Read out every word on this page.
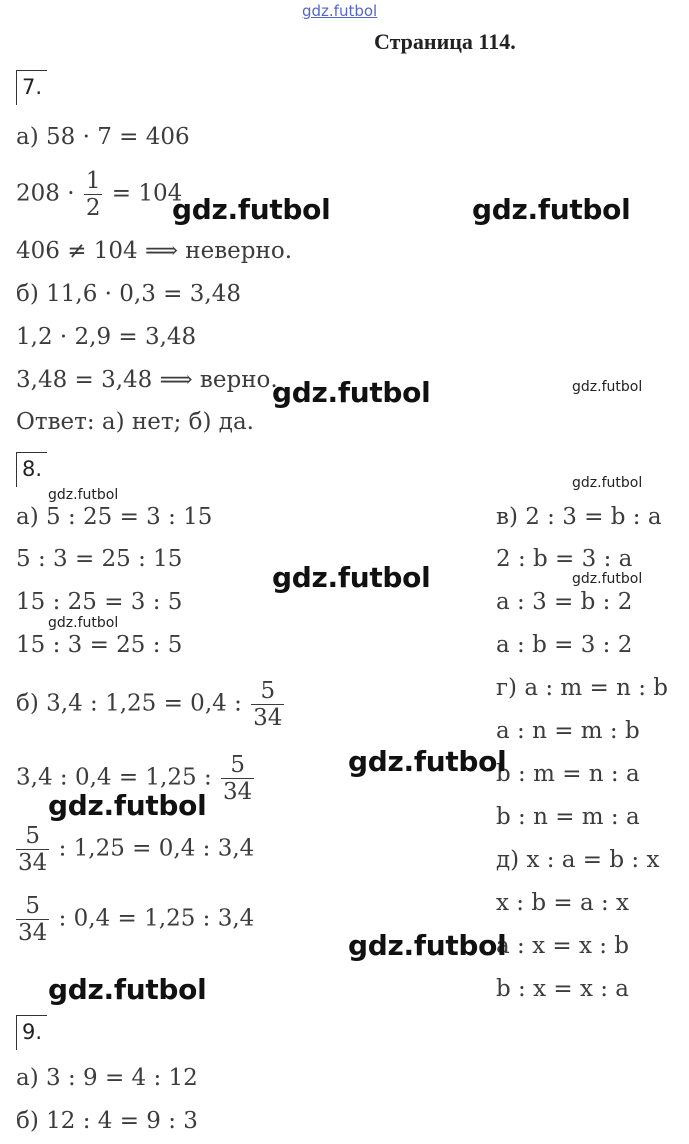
gdz.futbol
Страница 114.
7.
а) 58 · 7 = 406
$208 \cdot \frac{1}{2} = 104$
406 ≠ 104 ⟹ неверно.
б) 11,6 · 0,3 = 3,48
1,2 · 2,9 = 3,48
3,48 = 3,48 ⟹ верно.
Ответ: а) нет; б) да.
8.
а) 5 : 25 = 3 : 15
5 : 3 = 25 : 15
15 : 25 = 3 : 5
15 : 3 = 25 : 5
б) 3,4 : 1,25 = 0,4 : $\frac{5}{34}$
3,4 : 0,4 = 1,25 : $\frac{5}{34}$
$\frac{5}{34}$ : 1,25 = 0,4 : 3,4
$\frac{5}{34}$ : 0,4 = 1,25 : 3,4
в) 2 : 3 = b : a
2 : b = 3 : a
a : 3 = b : 2
a : b = 3 : 2
г) a : m = n : b
a : n = m : b
b : m = n : a
b : n = m : a
д) x : a = b : x
x : b = a : x
a : x = x : b
b : x = x : a
9.
а) 3 : 9 = 4 : 12
б) 12 : 4 = 9 : 3
gdz.futbol	gdz.futbol
gdz.futbol	gdz.futbol
gdz.futbol
gdz.futbol
gdz.futbol	gdz.futbol
gdz.futbol
gdz.futbol
gdz.futbol
gdz.futbol
gdz.futbol
